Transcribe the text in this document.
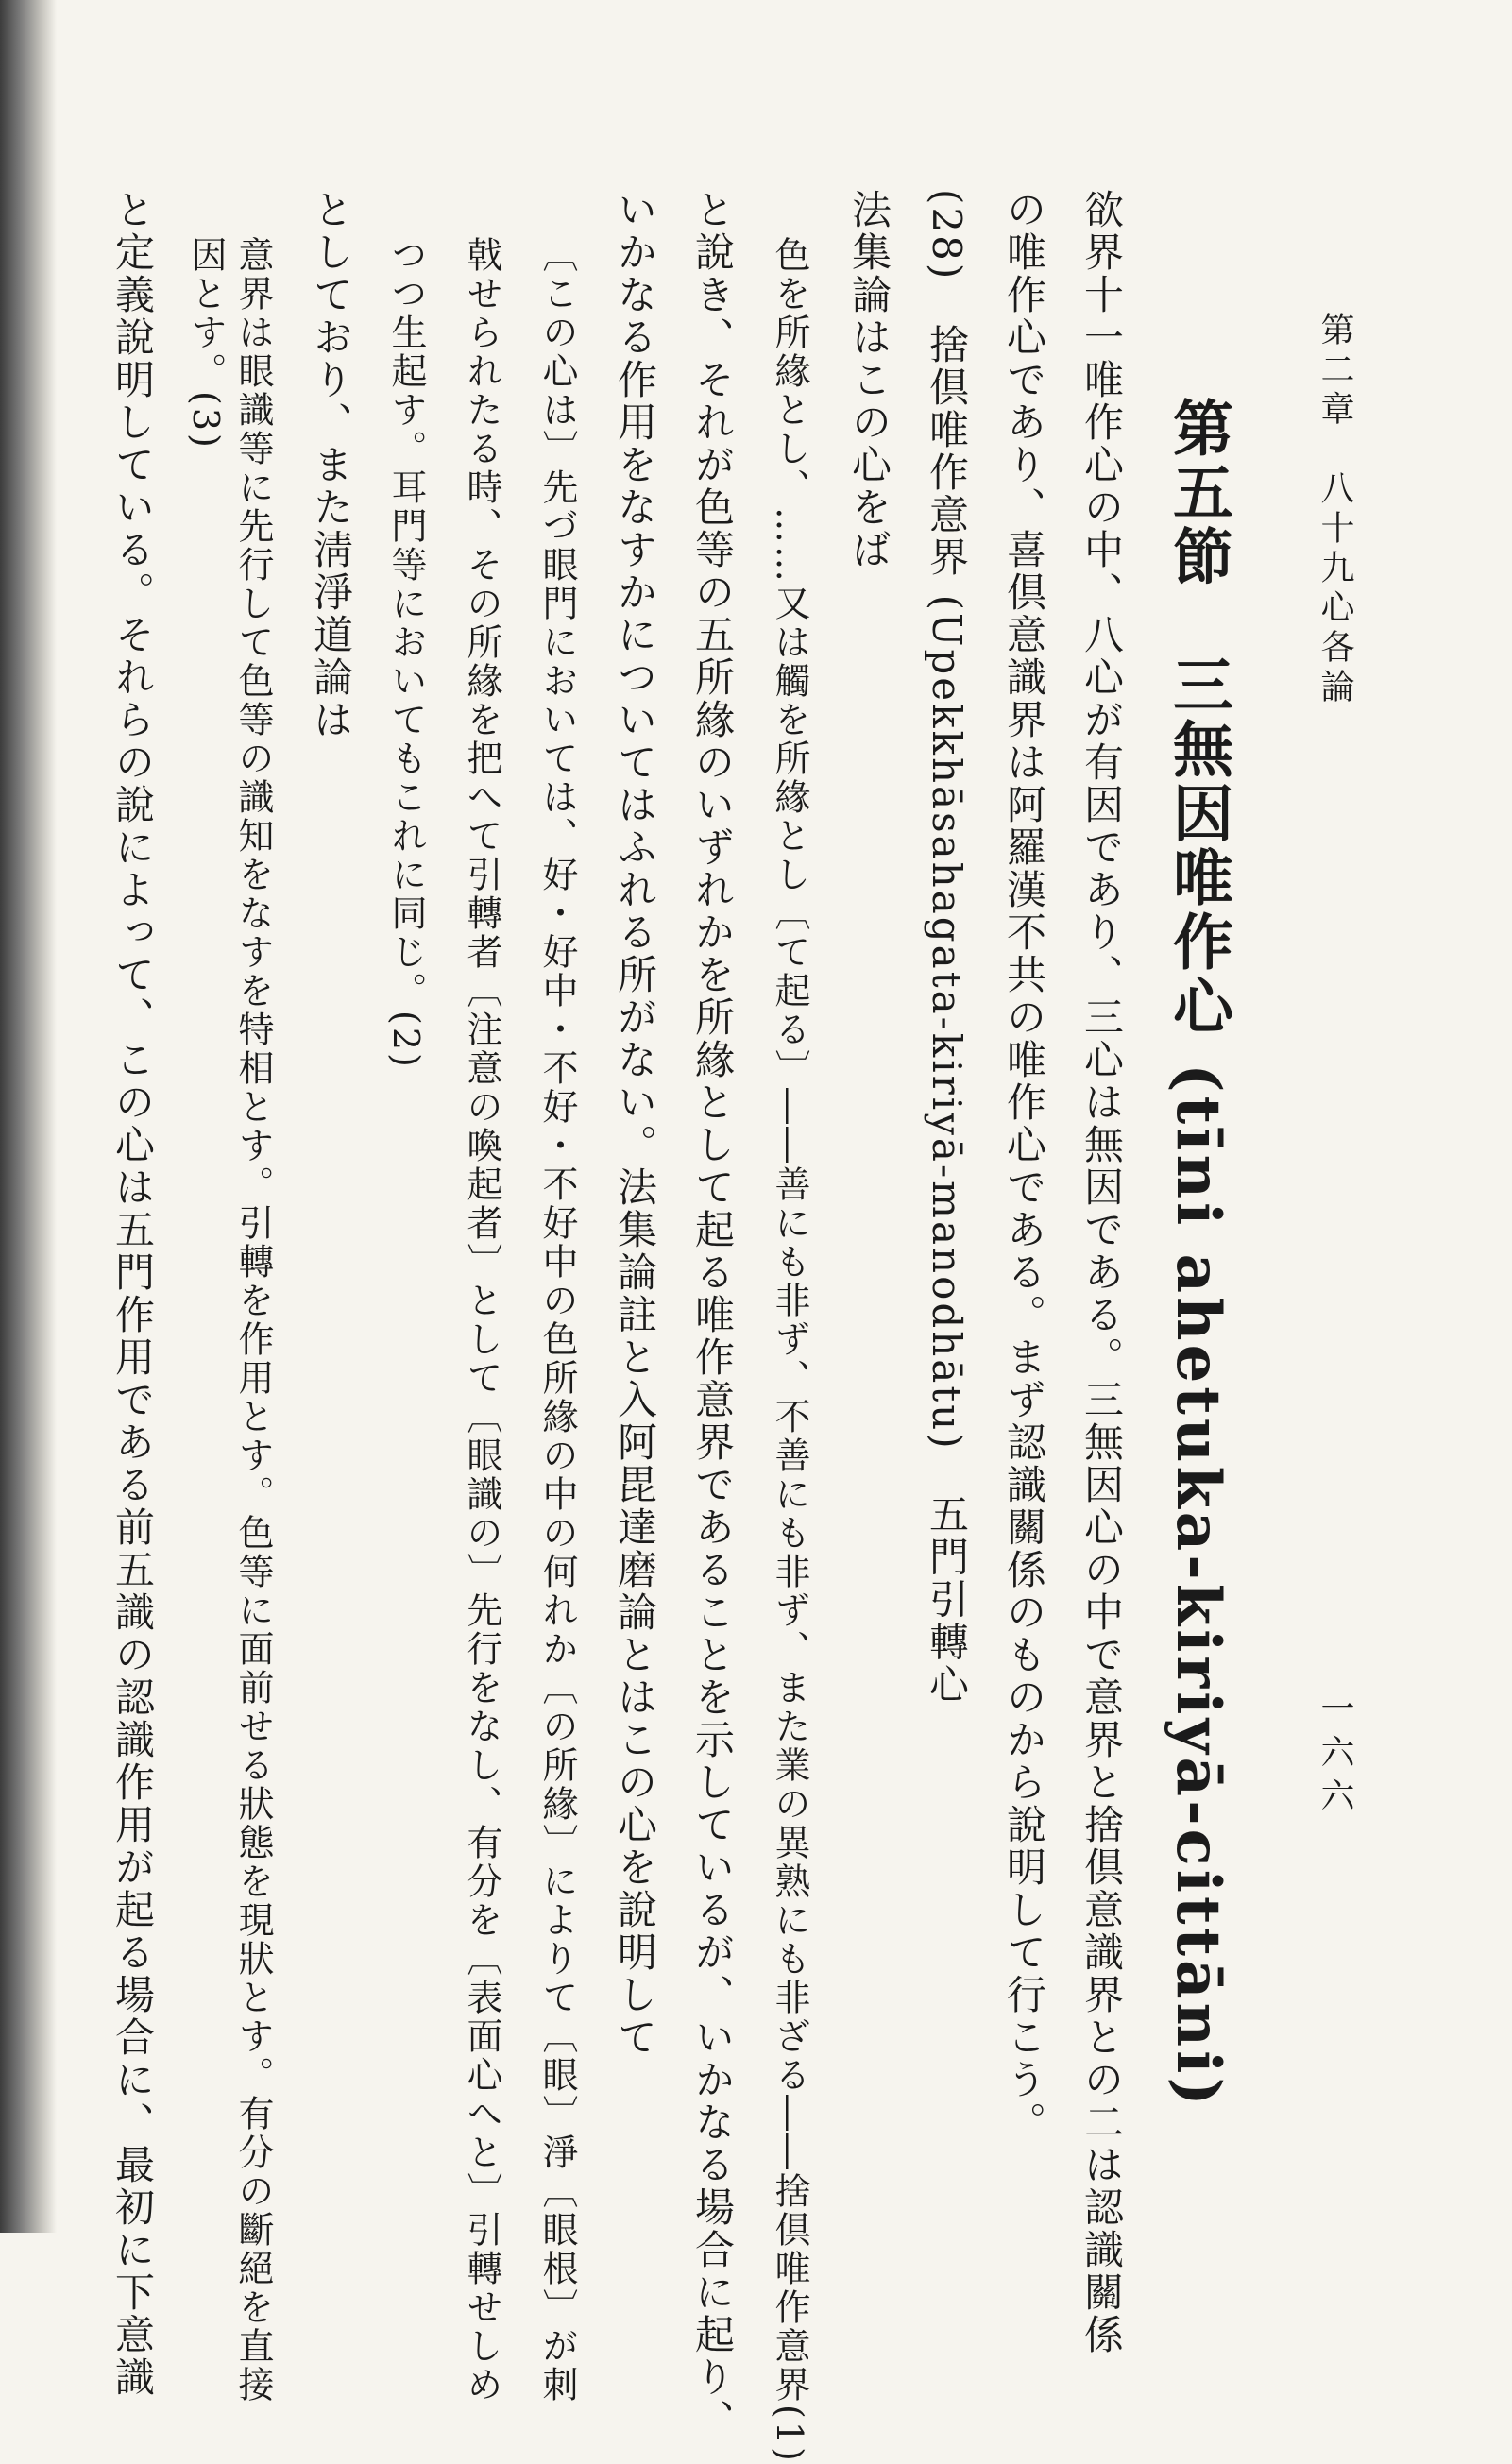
第二章　八十九心各論
一六六
第五節　三無因唯作心 (tīni ahetuka-kiriyā-cittāni)
欲界十一唯作心の中、八心が有因であり、三心は無因である。三無因心の中で意界と捨倶意識界との二は認識關係
の唯作心であり、喜倶意識界は阿羅漢不共の唯作心である。まず認識關係のものから說明して行こう。
(28)　捨倶唯作意界 (Upekkhāsahagata-kiriyā-manodhātu)　五門引轉心
法集論はこの心をば
色を所緣とし、……又は觸を所緣とし〔て起る〕――善にも非ず、不善にも非ず、また業の異熟にも非ざる――捨倶唯作意界(1)
と說き、それが色等の五所緣のいずれかを所緣として起る唯作意界であることを示しているが、いかなる場合に起り、
いかなる作用をなすかについてはふれる所がない。法集論註と入阿毘達磨論とはこの心を說明して
〔この心は〕先づ眼門においては、好・好中・不好・不好中の色所緣の中の何れか〔の所緣〕によりて〔眼〕淨〔眼根〕が刺
戟せられたる時、その所緣を把へて引轉者〔注意の喚起者〕として〔眼識の〕先行をなし、有分を〔表面心へと〕引轉せしめ
つつ生起す。耳門等においてもこれに同じ。(2)
としており、また淸淨道論は
意界は眼識等に先行して色等の識知をなすを特相とす。引轉を作用とす。色等に面前せる狀態を現狀とす。有分の斷絕を直接
因とす。(3)
と定義說明している。それらの說によって、この心は五門作用である前五識の認識作用が起る場合に、最初に下意識
